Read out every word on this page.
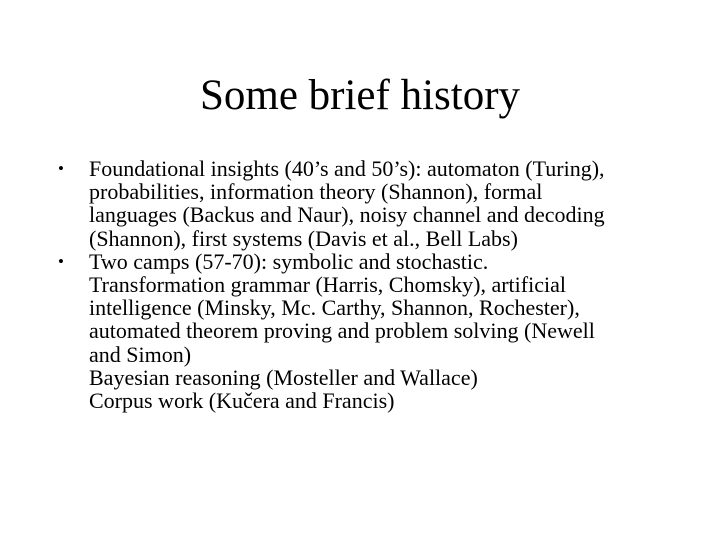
Some brief history
•	Foundational insights (40’s and 50’s): automaton (Turing),
probabilities, information theory (Shannon), formal
languages (Backus and Naur), noisy channel and decoding
(Shannon), first systems (Davis et al., Bell Labs)
•	Two camps (57-70): symbolic and stochastic.
Transformation grammar (Harris, Chomsky), artificial
intelligence (Minsky, Mc. Carthy, Shannon, Rochester),
automated theorem proving and problem solving (Newell
and Simon)
Bayesian reasoning (Mosteller and Wallace)
Corpus work (Kučera and Francis)
